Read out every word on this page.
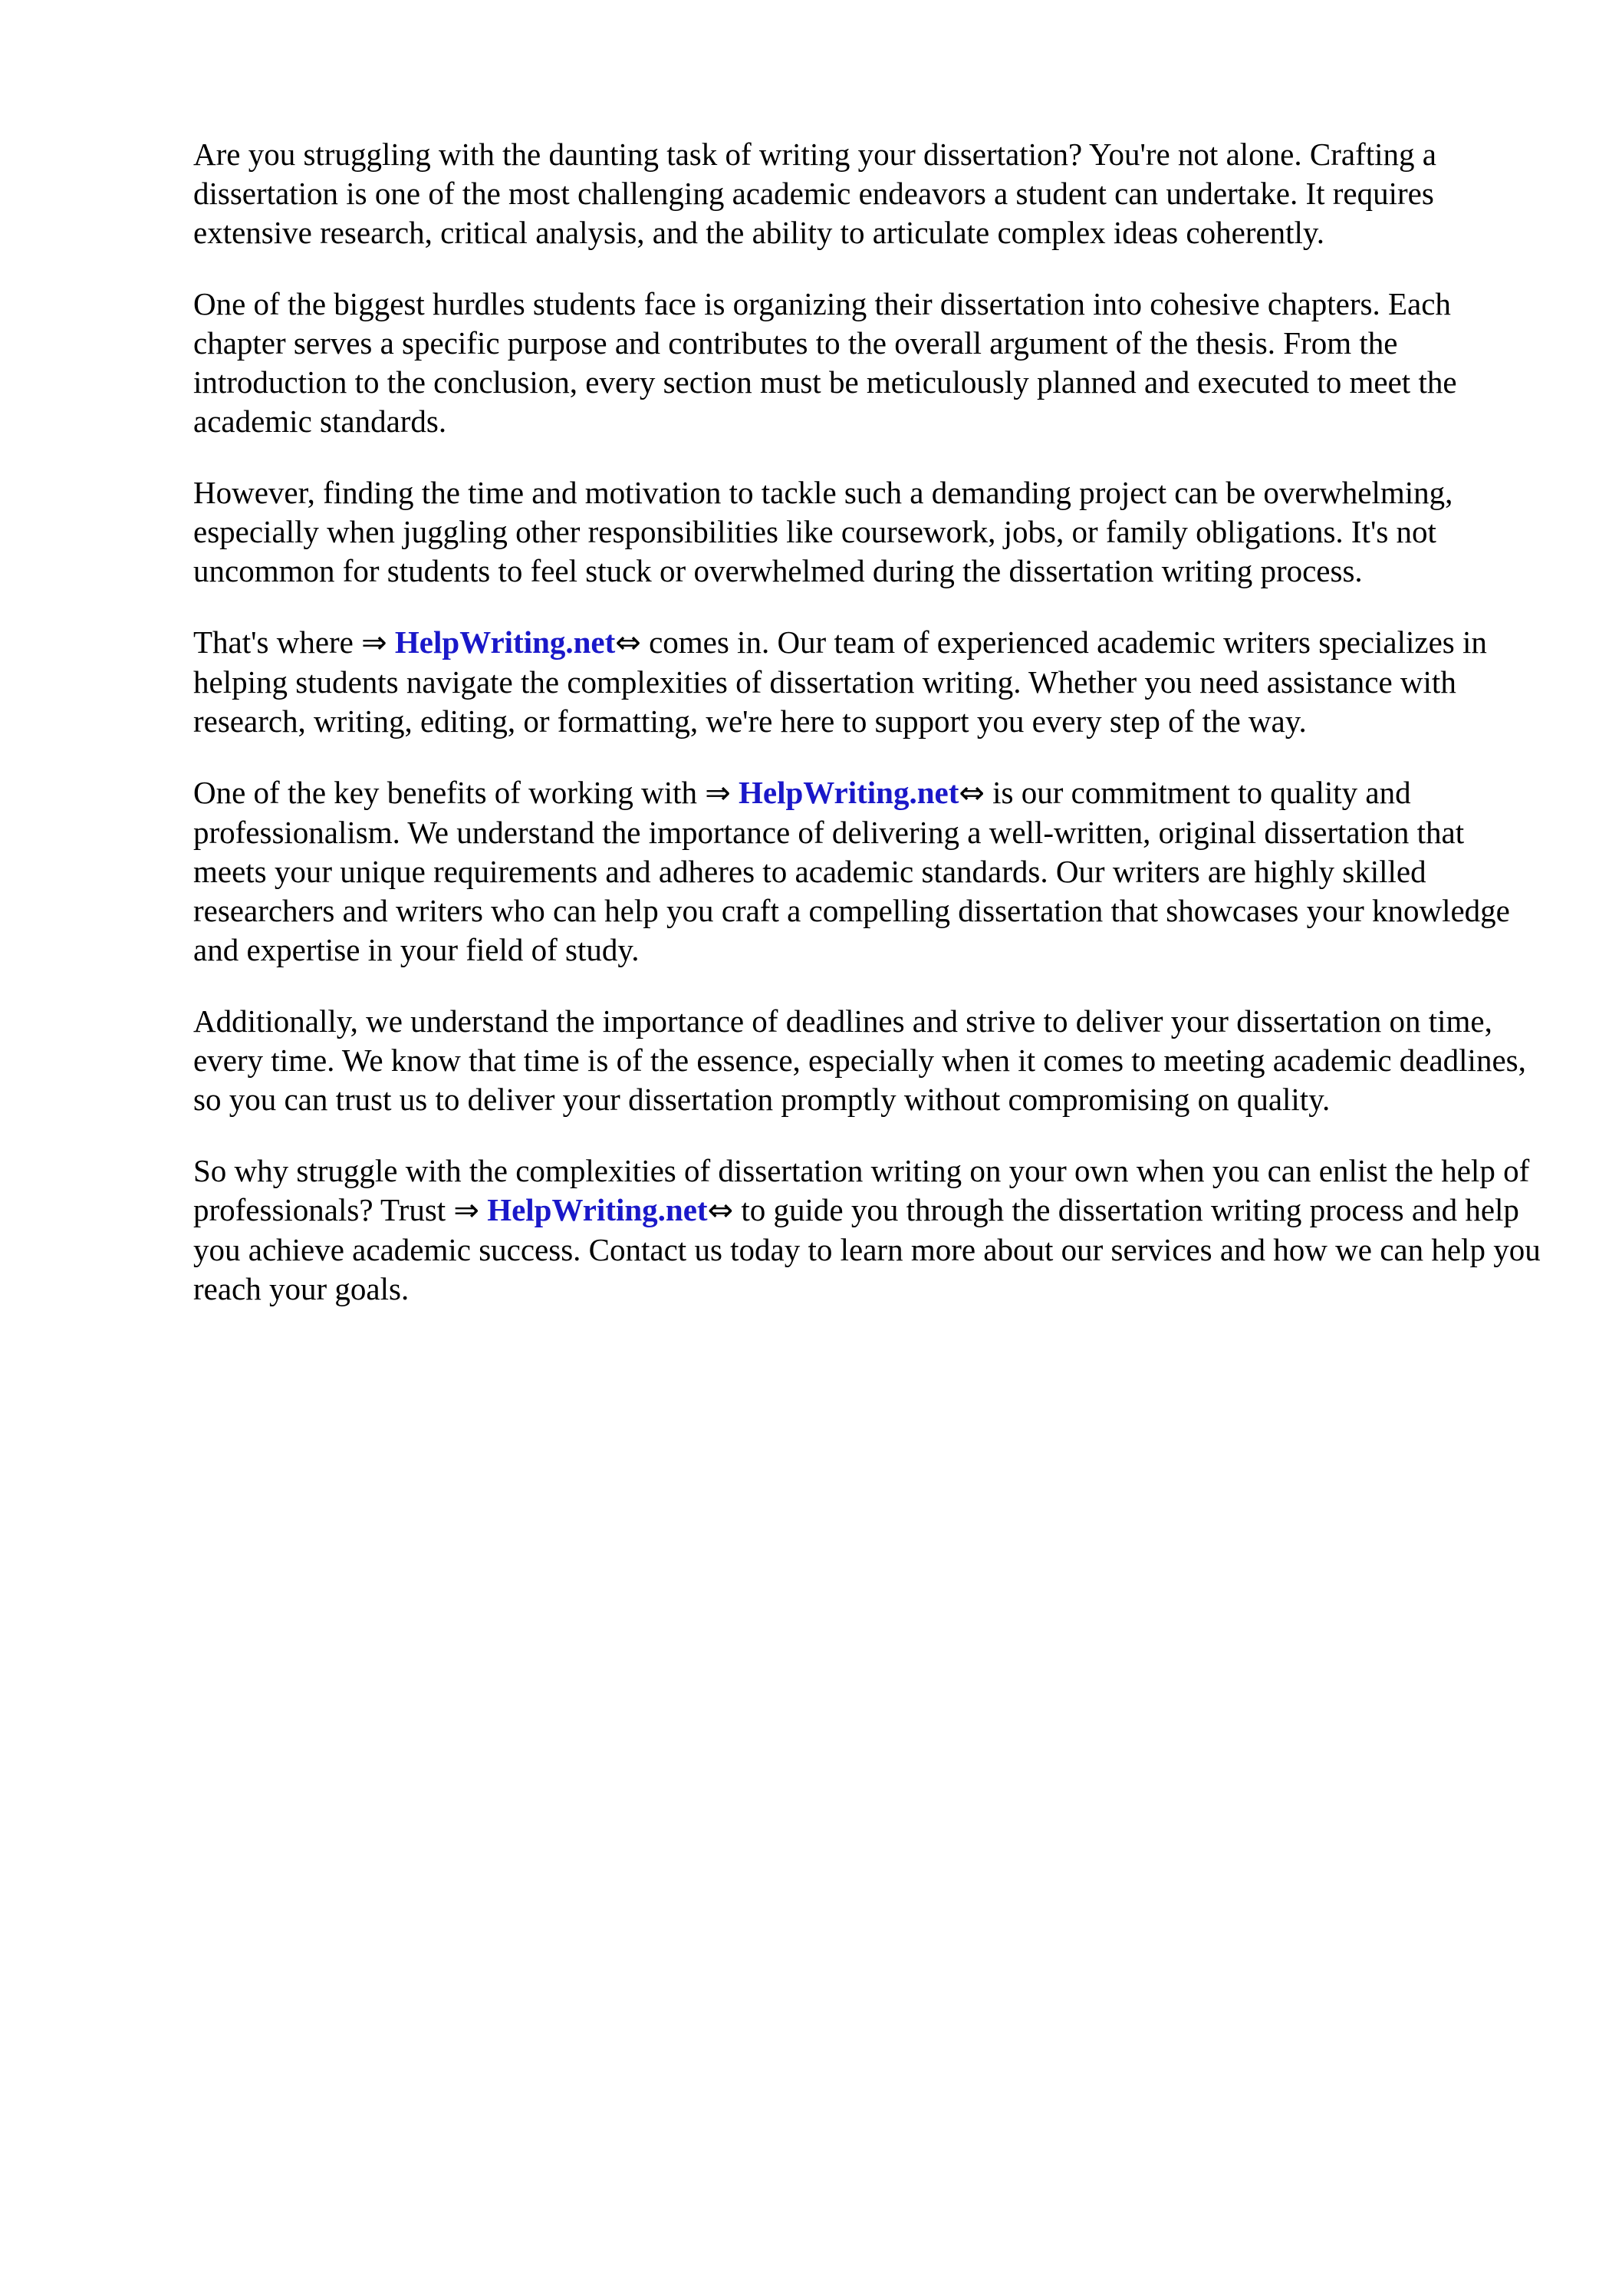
Are you struggling with the daunting task of writing your dissertation? You're not alone. Crafting a dissertation is one of the most challenging academic endeavors a student can undertake. It requires extensive research, critical analysis, and the ability to articulate complex ideas coherently.

One of the biggest hurdles students face is organizing their dissertation into cohesive chapters. Each chapter serves a specific purpose and contributes to the overall argument of the thesis. From the introduction to the conclusion, every section must be meticulously planned and executed to meet the academic standards.

However, finding the time and motivation to tackle such a demanding project can be overwhelming, especially when juggling other responsibilities like coursework, jobs, or family obligations. It's not uncommon for students to feel stuck or overwhelmed during the dissertation writing process.

That's where ⇒ HelpWriting.net⇔ comes in. Our team of experienced academic writers specializes in helping students navigate the complexities of dissertation writing. Whether you need assistance with research, writing, editing, or formatting, we're here to support you every step of the way.

One of the key benefits of working with ⇒ HelpWriting.net⇔ is our commitment to quality and professionalism. We understand the importance of delivering a well-written, original dissertation that meets your unique requirements and adheres to academic standards. Our writers are highly skilled researchers and writers who can help you craft a compelling dissertation that showcases your knowledge and expertise in your field of study.

Additionally, we understand the importance of deadlines and strive to deliver your dissertation on time, every time. We know that time is of the essence, especially when it comes to meeting academic deadlines, so you can trust us to deliver your dissertation promptly without compromising on quality.

So why struggle with the complexities of dissertation writing on your own when you can enlist the help of professionals? Trust ⇒ HelpWriting.net⇔ to guide you through the dissertation writing process and help you achieve academic success. Contact us today to learn more about our services and how we can help you reach your goals.
